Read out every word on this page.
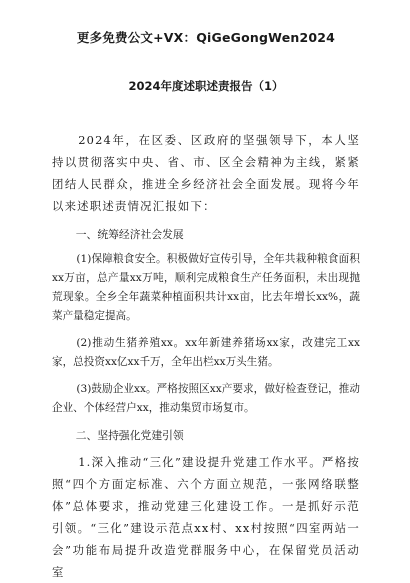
更多免费公文+VX：QiGeGongWen2024
2024年度述职述责报告（1）

2024年，在区委、区政府的坚强领导下，本人坚持以贯彻落实中央、省、市、区全会精神为主线，紧紧团结人民群众，推进全乡经济社会全面发展。现将今年以来述职述责情况汇报如下：

一、统筹经济社会发展

(1)保障粮食安全。积极做好宣传引导，全年共栽种粮食面积xx万亩，总产量xx万吨，顺利完成粮食生产任务面积，未出现抛荒现象。全乡全年蔬菜种植面积共计xx亩，比去年增长xx%，蔬菜产量稳定提高。

(2)推动生猪养殖xx。xx年新建养猪场xx家，改建完工xx家，总投资xx亿xx千万，全年出栏xx万头生猪。

(3)鼓励企业xx。严格按照区xx产要求，做好检查登记，推动企业、个体经营户xx，推动集贸市场复市。

二、坚持强化党建引领

1.深入推动“三化”建设提升党建工作水平。严格按照“四个方面定标准、六个方面立规范，一张网络联整体”总体要求，推动党建三化建设工作。一是抓好示范引领。“三化”建设示范点xx村、xx村按照“四室两站一会”功能布局提升改造党群服务中心，在保留党员活动室
